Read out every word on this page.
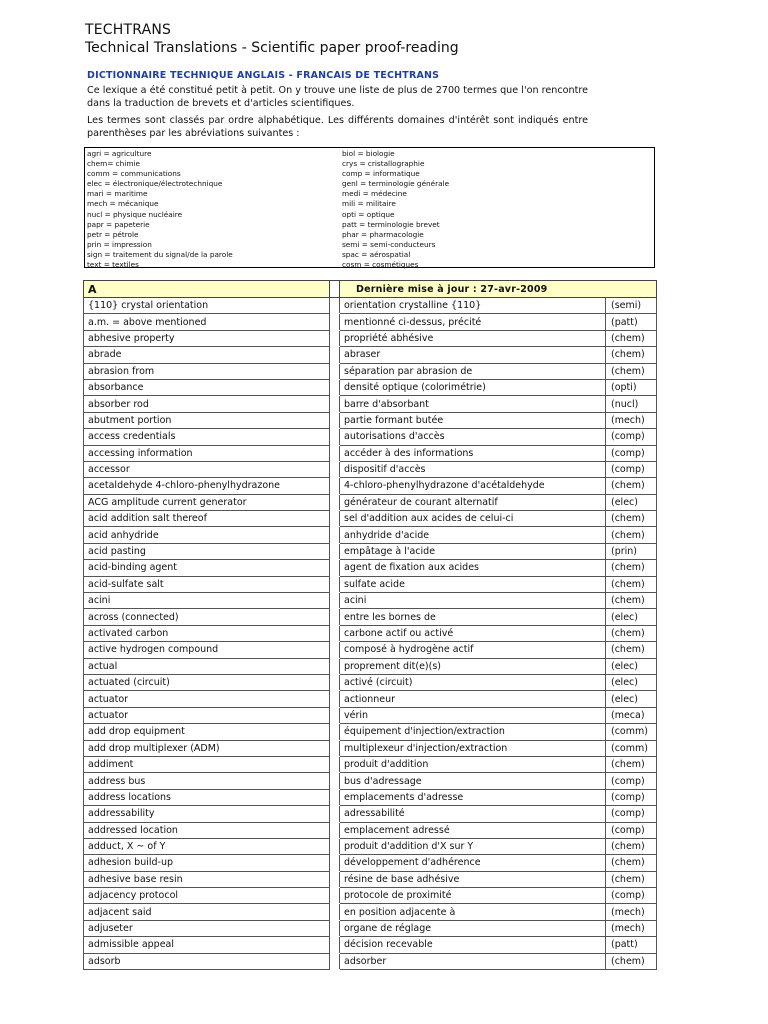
TECHTRANS
Technical Translations - Scientific paper proof-reading
DICTIONNAIRE TECHNIQUE ANGLAIS - FRANCAIS DE TECHTRANS
Ce lexique a été constitué petit à petit. On y trouve une liste de plus de 2700 termes que l'on rencontre dans la traduction de brevets et d'articles scientifiques.
Les termes sont classés par ordre alphabétique. Les différents domaines d'intérêt sont indiqués entre parenthèses par les abréviations suivantes :
agri = agriculture
chem= chimie
comm = communications
elec = électronique/électrotechnique
mari = maritime
mech = mécanique
nucl = physique nucléaire
papr = papeterie
petr = pétrole
prin = impression
sign = traitement du signal/de la parole
text = textiles
biol = biologie
crys = cristallographie
comp = informatique
genl = terminologie générale
medi = médecine
mili = militaire
opti = optique
patt = terminologie brevet
phar = pharmacologie
semi = semi-conducteurs
spac = aérospatial
cosm = cosmétiques
A		Dernière mise à jour : 27-avr-2009	
{110} crystal orientation		orientation crystalline {110}	(semi)
a.m. = above mentioned		mentionné ci-dessus, précité	(patt)
abhesive property		propriété abhésive	(chem)
abrade		abraser	(chem)
abrasion from		séparation par abrasion de	(chem)
absorbance		densité optique (colorimétrie)	(opti)
absorber rod		barre d'absorbant	(nucl)
abutment portion		partie formant butée	(mech)
access credentials		autorisations d'accès	(comp)
accessing information		accéder à des informations	(comp)
accessor		dispositif d'accès	(comp)
acetaldehyde 4-chloro-phenylhydrazone		4-chloro-phenylhydrazone d'acétaldehyde	(chem)
ACG amplitude current generator		générateur de courant alternatif	(elec)
acid addition salt thereof		sel d'addition aux acides de celui-ci	(chem)
acid anhydride		anhydride d'acide	(chem)
acid pasting		empâtage à l'acide	(prin)
acid-binding agent		agent de fixation aux acides	(chem)
acid-sulfate salt		sulfate acide	(chem)
acini		acini	(chem)
across (connected)		entre les bornes de	(elec)
activated carbon		carbone actif ou activé	(chem)
active hydrogen compound		composé à hydrogène actif	(chem)
actual		proprement dit(e)(s)	(elec)
actuated (circuit)		activé (circuit)	(elec)
actuator		actionneur	(elec)
actuator		vérin	(meca)
add drop equipment		équipement d'injection/extraction	(comm)
add drop multiplexer (ADM)		multiplexeur d'injection/extraction	(comm)
addiment		produit d'addition	(chem)
address bus		bus d'adressage	(comp)
address locations		emplacements d'adresse	(comp)
addressability		adressabilité	(comp)
addressed location		emplacement adressé	(comp)
adduct, X ~ of Y		produit d'addition d'X sur Y	(chem)
adhesion build-up		développement d'adhérence	(chem)
adhesive base resin		résine de base adhésive	(chem)
adjacency protocol		protocole de proximité	(comp)
adjacent said		en position adjacente à	(mech)
adjuseter		organe de réglage	(mech)
admissible appeal		décision recevable	(patt)
adsorb		adsorber	(chem)
